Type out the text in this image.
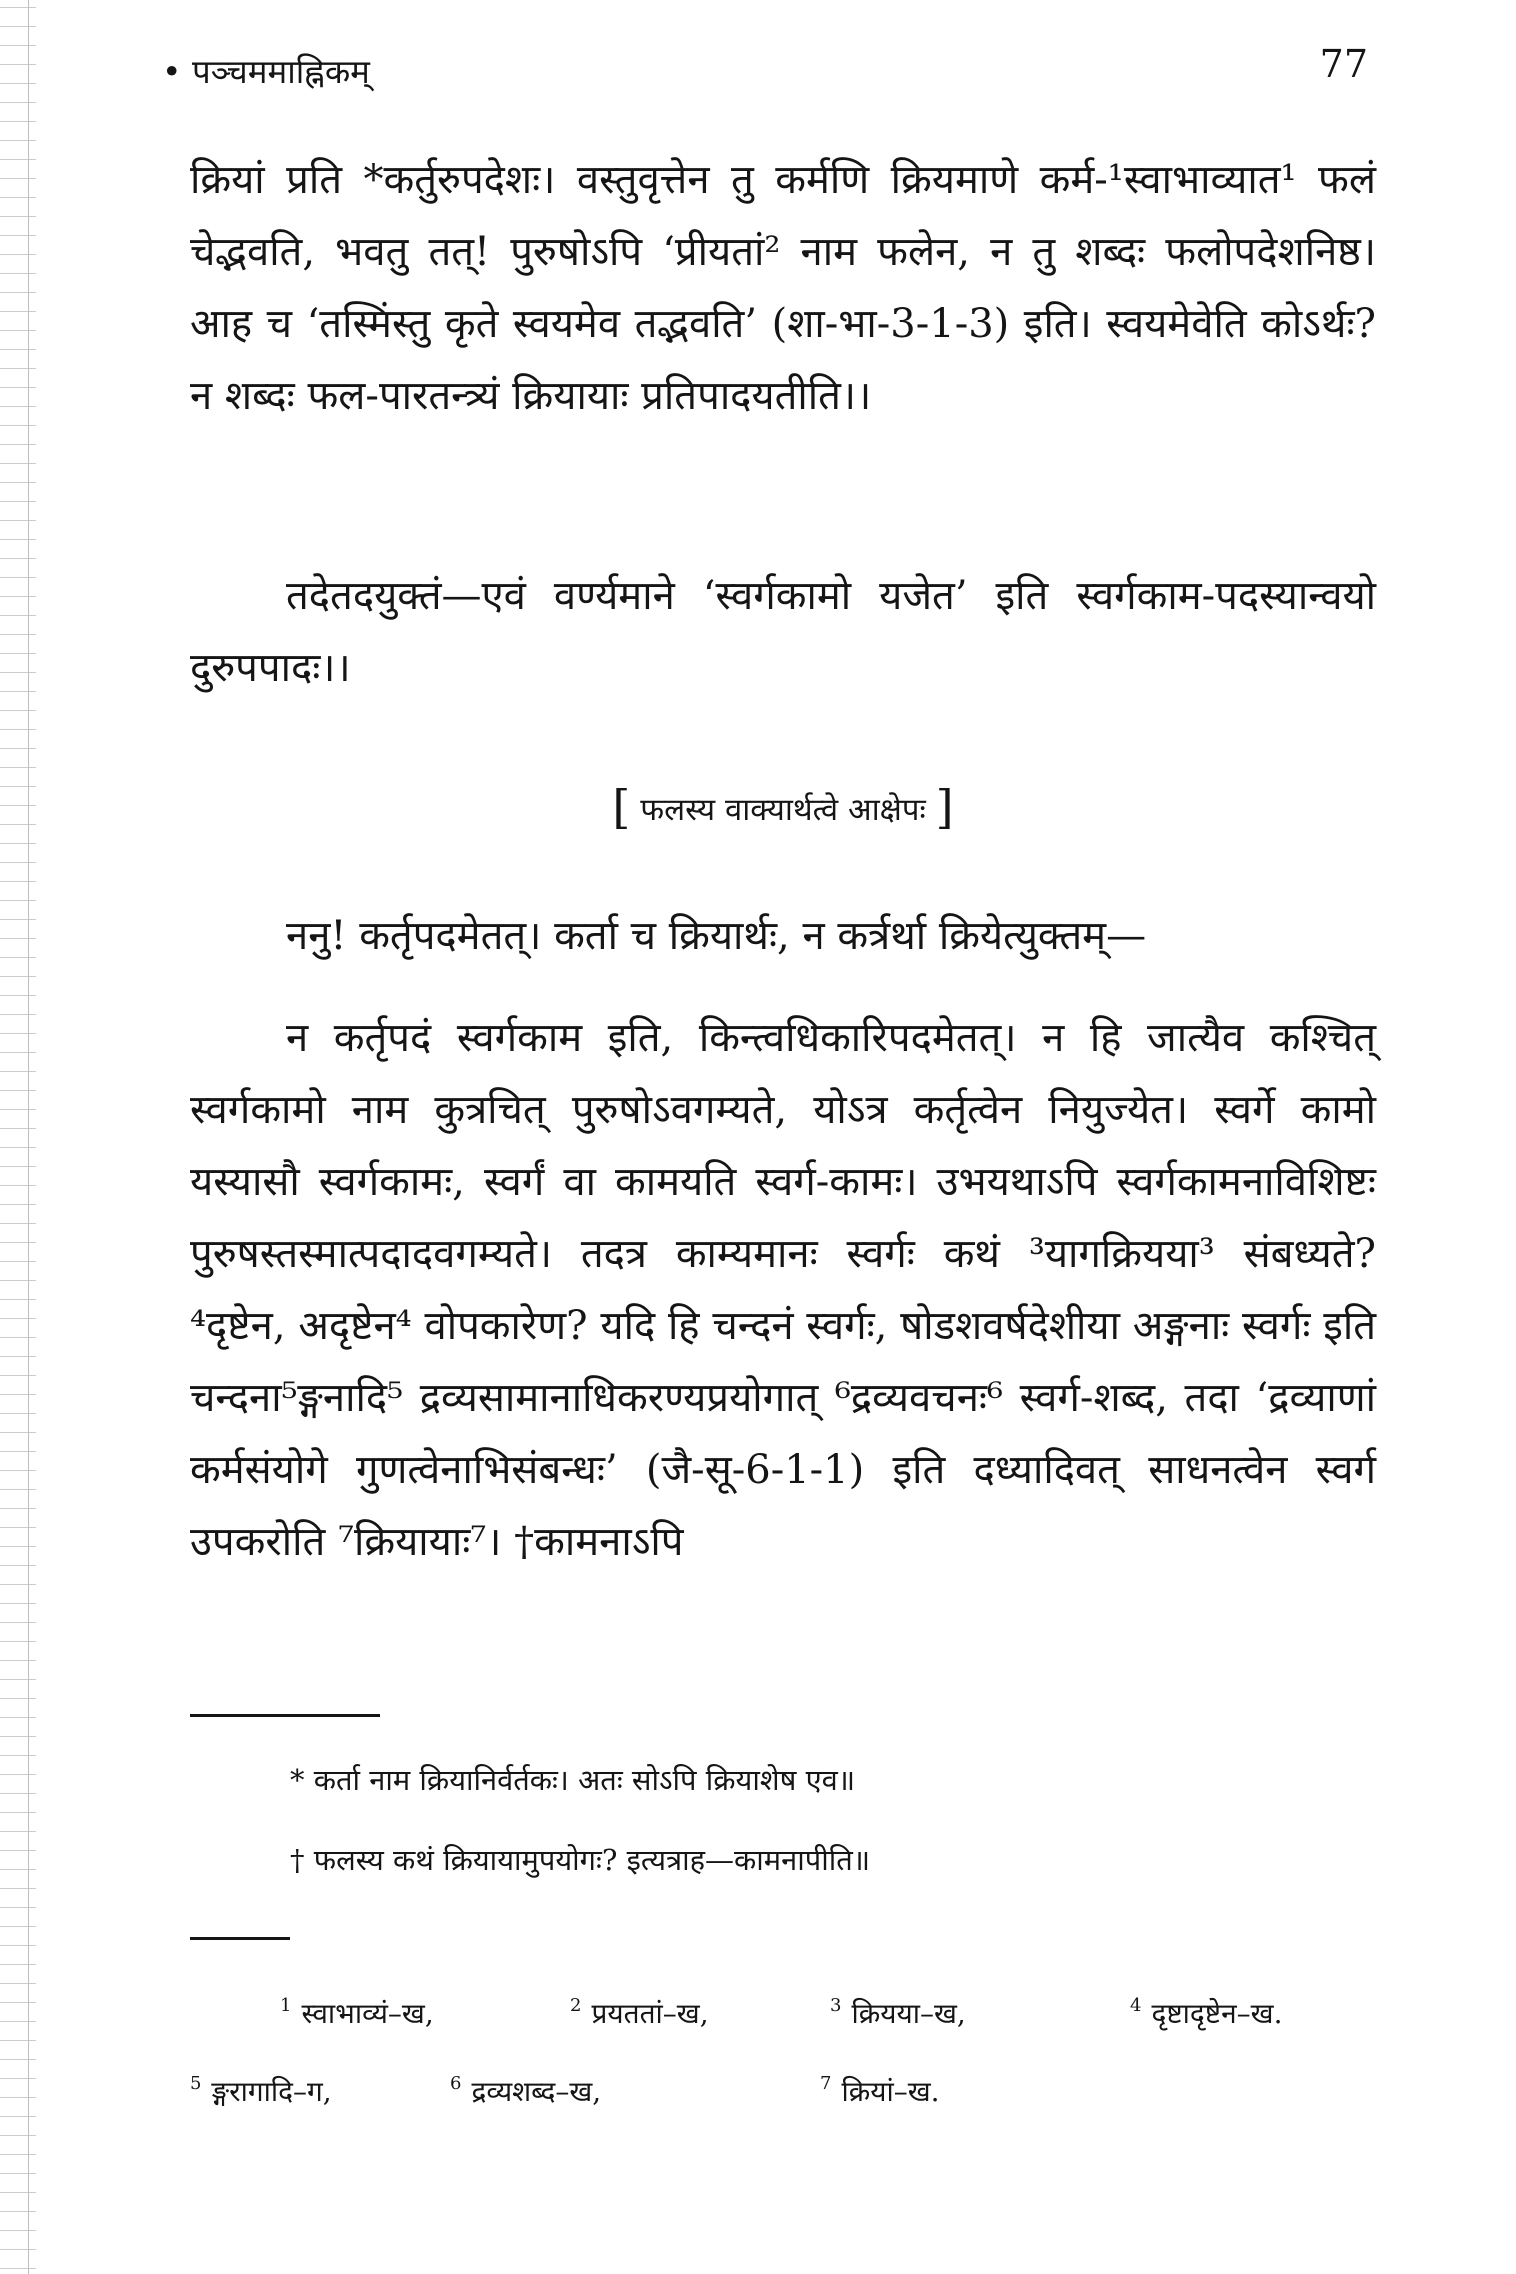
• पञ्चममाह्निकम्	77

क्रियां प्रति *कर्तुरुपदेशः। वस्तुवृत्तेन तु कर्मणि क्रियमाणे कर्म-¹स्वाभाव्यात¹ फलं चेद्भवति, भवतु तत्! पुरुषोऽपि ‘प्रीयतां² नाम फलेन, न तु शब्दः फलोपदेशनिष्ठ। आह च ‘तस्मिंस्तु कृते स्वयमेव तद्भवति’ (शा-भा-3-1-3) इति। स्वयमेवेति कोऽर्थः? न शब्दः फल-पारतन्त्र्यं क्रियायाः प्रतिपादयतीति।।

तदेतदयुक्तं—एवं वर्ण्यमाने ‘स्वर्गकामो यजेत’ इति स्वर्गकाम-पदस्यान्वयो दुरुपपादः।।

[ फलस्य वाक्यार्थत्वे आक्षेपः ]

ननु! कर्तृपदमेतत्। कर्ता च क्रियार्थः, न कर्त्रर्था क्रियेत्युक्तम्—

न कर्तृपदं स्वर्गकाम इति, किन्त्वधिकारिपदमेतत्। न हि जात्यैव कश्चित् स्वर्गकामो नाम कुत्रचित् पुरुषोऽवगम्यते, योऽत्र कर्तृत्वेन नियुज्येत। स्वर्गे कामो यस्यासौ स्वर्गकामः, स्वर्गं वा कामयति स्वर्ग-कामः। उभयथाऽपि स्वर्गकामनाविशिष्टः पुरुषस्तस्मात्पदादवगम्यते। तदत्र काम्यमानः स्वर्गः कथं ³यागक्रियया³ संबध्यते? ⁴दृष्टेन, अदृष्टेन⁴ वोपकारेण? यदि हि चन्दनं स्वर्गः, षोडशवर्षदेशीया अङ्गनाः स्वर्गः इति चन्दना⁵ङ्गनादि⁵ द्रव्यसामानाधिकरण्यप्रयोगात् ⁶द्रव्यवचनः⁶ स्वर्ग-शब्द, तदा ‘द्रव्याणां कर्मसंयोगे गुणत्वेनाभिसंबन्धः’ (जै-सू-6-1-1) इति दध्यादिवत् साधनत्वेन स्वर्ग उपकरोति ⁷क्रियायाः⁷। †कामनाऽपि

* कर्ता नाम क्रियानिर्वर्तकः। अतः सोऽपि क्रियाशेष एव॥
† फलस्य कथं क्रियायामुपयोगः? इत्यत्राह—कामनापीति॥
$^1$ स्वाभाव्यं–ख,	$^2$ प्रयततां–ख,	$^3$ क्रियया–ख,	$^4$ दृष्टादृष्टेन–ख.
$^5$ ङ्गरागादि–ग,	$^6$ द्रव्यशब्द–ख,	$^7$ क्रियां–ख.
